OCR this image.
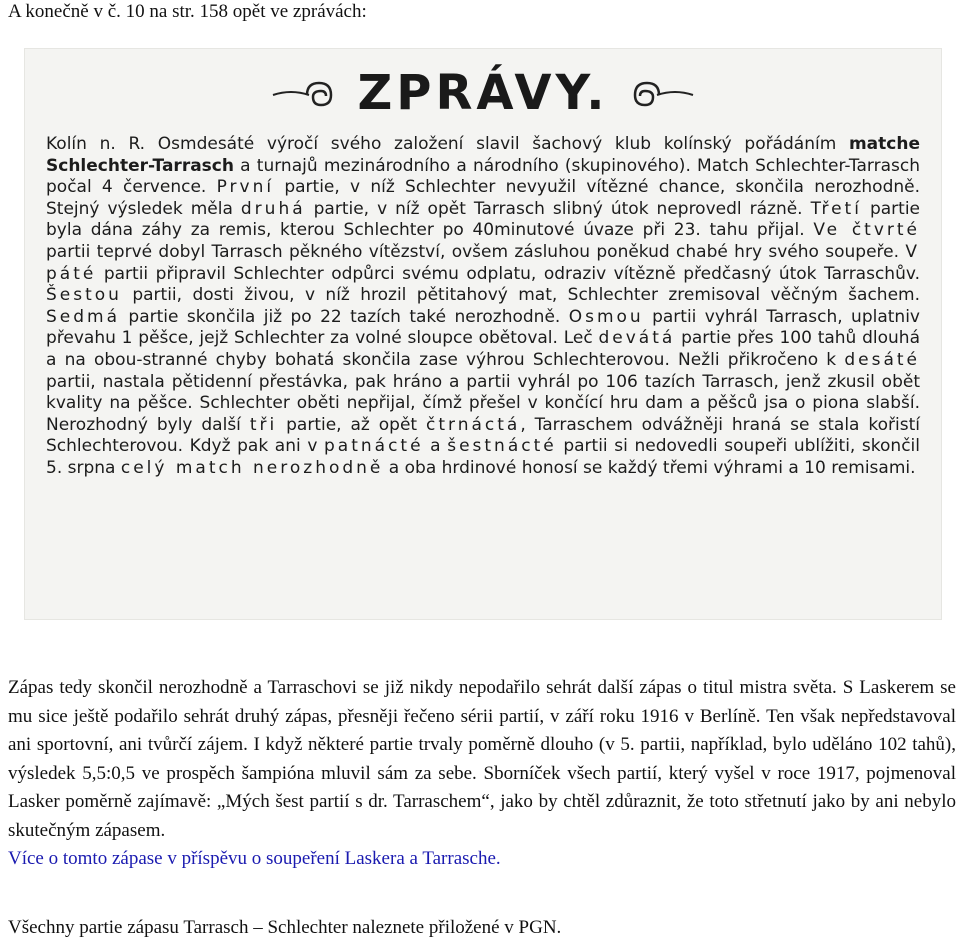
A konečně v č. 10 na str. 158 opět ve zprávách:

ZPRÁVY.
Kolín n. R. Osmdesáté výročí svého založení slavil šachový klub kolínský pořádáním matche Schlechter-Tarrasch a turnajů mezinárodního a národního (skupinového). Match Schlechter-Tarrasch počal 4 července. První partie, v níž Schlechter nevyužil vítězné chance, skončila nerozhodně. Stejný výsledek měla druhá partie, v níž opět Tarrasch slibný útok neprovedl rázně. Třetí partie byla dána záhy za remis, kterou Schlechter po 40minutové úvaze při 23. tahu přijal. Ve čtvrté partii teprvé dobyl Tarrasch pěkného vítězství, ovšem zásluhou poněkud chabé hry svého soupeře. V páté partii připravil Schlechter odpůrci svému odplatu, odraziv vítězně předčasný útok Tarraschův. Šestou partii, dosti živou, v níž hrozil pětitahový mat, Schlechter zremisoval věčným šachem. Sedmá partie skončila již po 22 tazích také nerozhodně. Osmou partii vyhrál Tarrasch, uplatniv převahu 1 pěšce, jejž Schlechter za volné sloupce obětoval. Leč devátá partie přes 100 tahů dlouhá a na obou-stranné chyby bohatá skončila zase výhrou Schlechterovou. Nežli přikročeno k desáté partii, nastala pětidenní přestávka, pak hráno a partii vyhrál po 106 tazích Tarrasch, jenž zkusil obět kvality na pěšce. Schlechter oběti nepřijal, čímž přešel v končící hru dam a pěšců jsa o piona slabší. Nerozhodný byly další tři partie, až opět čtrnáctá, Tarraschem odvážněji hraná se stala kořistí Schlechterovou. Když pak ani v patnácté a šestnácté partii si nedovedli soupeři ublížiti, skončil 5. srpna celý match nerozhodně a oba hrdinové honosí se každý třemi výhrami a 10 remisami.

Zápas tedy skončil nerozhodně a Tarraschovi se již nikdy nepodařilo sehrát další zápas o titul mistra světa. S Laskerem se mu sice ještě podařilo sehrát druhý zápas, přesněji řečeno sérii partií, v září roku 1916 v Berlíně. Ten však nepředstavoval ani sportovní, ani tvůrčí zájem. I když některé partie trvaly poměrně dlouho (v 5. partii, například, bylo uděláno 102 tahů), výsledek 5,5:0,5 ve prospěch šampióna mluvil sám za sebe. Sborníček všech partií, který vyšel v roce 1917, pojmenoval Lasker poměrně zajímavě: „Mých šest partií s dr. Tarraschem“, jako by chtěl zdůraznit, že toto střetnutí jako by ani nebylo skutečným zápasem.
Více o tomto zápase v příspěvu o soupeření Laskera a Tarrasche.

Všechny partie zápasu Tarrasch – Schlechter naleznete přiložené v PGN.
